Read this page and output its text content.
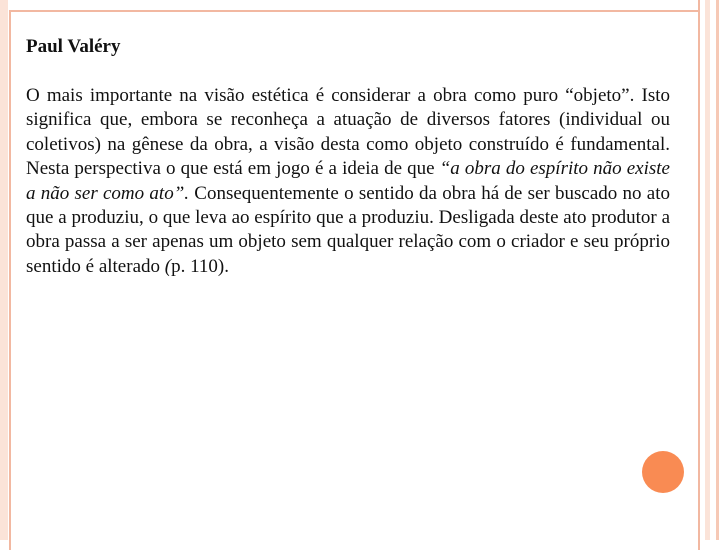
Paul Valéry

O mais importante na visão estética é considerar a obra como puro “objeto”. Isto significa que, embora se reconheça a atuação de diversos fatores (individual ou coletivos) na gênese da obra, a visão desta como objeto construído é fundamental. Nesta perspectiva o que está em jogo é a ideia de que “a obra do espírito não existe a não ser como ato”. Consequentemente o sentido da obra há de ser buscado no ato que a produziu, o que leva ao espírito que a produziu. Desligada deste ato produtor a obra passa a ser apenas um objeto sem qualquer relação com o criador e seu próprio sentido é alterado (p. 110).
